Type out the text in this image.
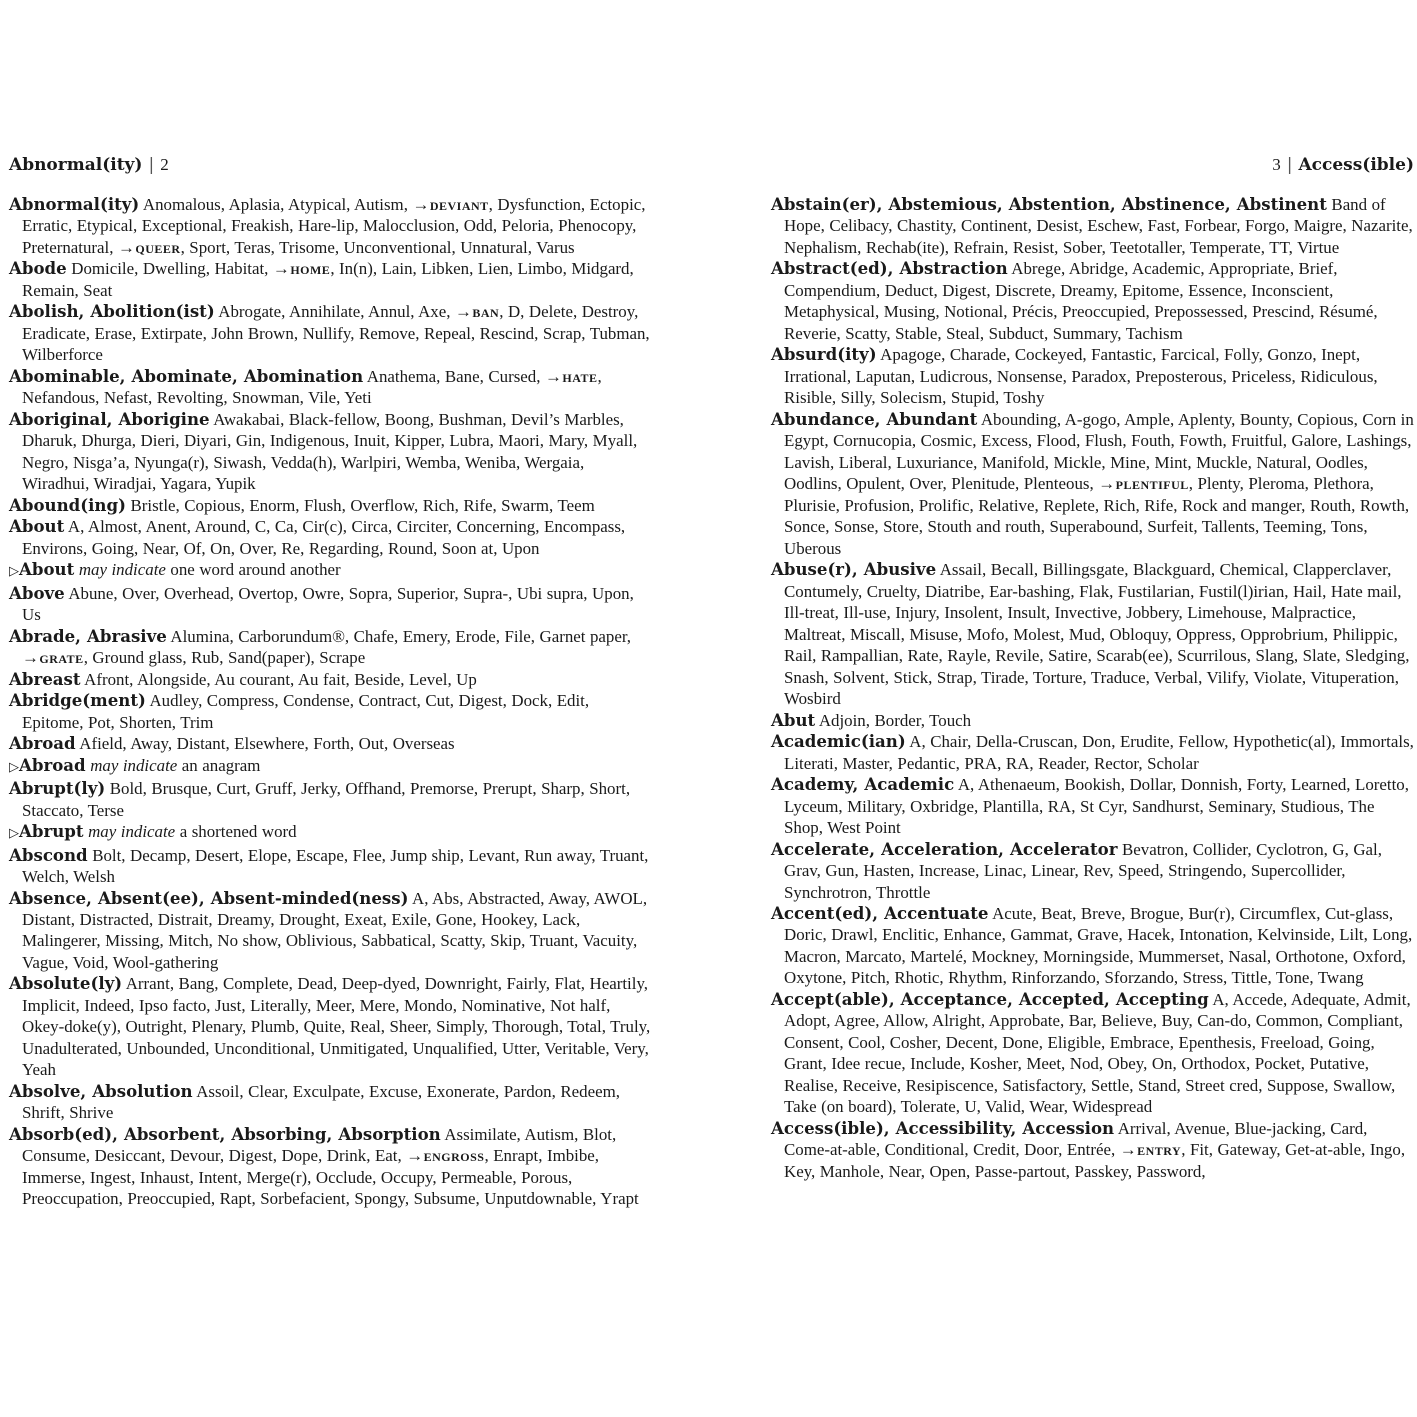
Abnormal(ity) | 2

Abnormal(ity) Anomalous, Aplasia, Atypical, Autism, →deviant, Dysfunction, Ectopic, Erratic, Etypical, Exceptional, Freakish, Hare-lip, Malocclusion, Odd, Peloria, Phenocopy, Preternatural, →queer, Sport, Teras, Trisome, Unconventional, Unnatural, Varus

Abode Domicile, Dwelling, Habitat, →home, In(n), Lain, Libken, Lien, Limbo, Midgard, Remain, Seat

Abolish, Abolition(ist) Abrogate, Annihilate, Annul, Axe, →ban, D, Delete, Destroy, Eradicate, Erase, Extirpate, John Brown, Nullify, Remove, Repeal, Rescind, Scrap, Tubman, Wilberforce

Abominable, Abominate, Abomination Anathema, Bane, Cursed, →hate, Nefandous, Nefast, Revolting, Snowman, Vile, Yeti

Aboriginal, Aborigine Awakabai, Black-fellow, Boong, Bushman, Devil’s Marbles, Dharuk, Dhurga, Dieri, Diyari, Gin, Indigenous, Inuit, Kipper, Lubra, Maori, Mary, Myall, Negro, Nisga’a, Nyunga(r), Siwash, Vedda(h), Warlpiri, Wemba, Weniba, Wergaia, Wiradhui, Wiradjai, Yagara, Yupik

Abound(ing) Bristle, Copious, Enorm, Flush, Overflow, Rich, Rife, Swarm, Teem

About A, Almost, Anent, Around, C, Ca, Cir(c), Circa, Circiter, Concerning, Encompass, Environs, Going, Near, Of, On, Over, Re, Regarding, Round, Soon at, Upon

▷About may indicate one word around another

Above Abune, Over, Overhead, Overtop, Owre, Sopra, Superior, Supra-, Ubi supra, Upon, Us

Abrade, Abrasive Alumina, Carborundum®, Chafe, Emery, Erode, File, Garnet paper, →grate, Ground glass, Rub, Sand(paper), Scrape

Abreast Afront, Alongside, Au courant, Au fait, Beside, Level, Up

Abridge(ment) Audley, Compress, Condense, Contract, Cut, Digest, Dock, Edit, Epitome, Pot, Shorten, Trim

Abroad Afield, Away, Distant, Elsewhere, Forth, Out, Overseas

▷Abroad may indicate an anagram

Abrupt(ly) Bold, Brusque, Curt, Gruff, Jerky, Offhand, Premorse, Prerupt, Sharp, Short, Staccato, Terse

▷Abrupt may indicate a shortened word

Abscond Bolt, Decamp, Desert, Elope, Escape, Flee, Jump ship, Levant, Run away, Truant, Welch, Welsh

Absence, Absent(ee), Absent-minded(ness) A, Abs, Abstracted, Away, AWOL, Distant, Distracted, Distrait, Dreamy, Drought, Exeat, Exile, Gone, Hookey, Lack, Malingerer, Missing, Mitch, No show, Oblivious, Sabbatical, Scatty, Skip, Truant, Vacuity, Vague, Void, Wool-gathering

Absolute(ly) Arrant, Bang, Complete, Dead, Deep-dyed, Downright, Fairly, Flat, Heartily, Implicit, Indeed, Ipso facto, Just, Literally, Meer, Mere, Mondo, Nominative, Not half, Okey-doke(y), Outright, Plenary, Plumb, Quite, Real, Sheer, Simply, Thorough, Total, Truly, Unadulterated, Unbounded, Unconditional, Unmitigated, Unqualified, Utter, Veritable, Very, Yeah

Absolve, Absolution Assoil, Clear, Exculpate, Excuse, Exonerate, Pardon, Redeem, Shrift, Shrive

Absorb(ed), Absorbent, Absorbing, Absorption Assimilate, Autism, Blot, Consume, Desiccant, Devour, Digest, Dope, Drink, Eat, →engross, Enrapt, Imbibe, Immerse, Ingest, Inhaust, Intent, Merge(r), Occlude, Occupy, Permeable, Porous, Preoccupation, Preoccupied, Rapt, Sorbefacient, Spongy, Subsume, Unputdownable, Yrapt

3 | Access(ible)

Abstain(er), Abstemious, Abstention, Abstinence, Abstinent Band of Hope, Celibacy, Chastity, Continent, Desist, Eschew, Fast, Forbear, Forgo, Maigre, Nazarite, Nephalism, Rechab(ite), Refrain, Resist, Sober, Teetotaller, Temperate, TT, Virtue

Abstract(ed), Abstraction Abrege, Abridge, Academic, Appropriate, Brief, Compendium, Deduct, Digest, Discrete, Dreamy, Epitome, Essence, Inconscient, Metaphysical, Musing, Notional, Précis, Preoccupied, Prepossessed, Prescind, Résumé, Reverie, Scatty, Stable, Steal, Subduct, Summary, Tachism

Absurd(ity) Apagoge, Charade, Cockeyed, Fantastic, Farcical, Folly, Gonzo, Inept, Irrational, Laputan, Ludicrous, Nonsense, Paradox, Preposterous, Priceless, Ridiculous, Risible, Silly, Solecism, Stupid, Toshy

Abundance, Abundant Abounding, A-gogo, Ample, Aplenty, Bounty, Copious, Corn in Egypt, Cornucopia, Cosmic, Excess, Flood, Flush, Fouth, Fowth, Fruitful, Galore, Lashings, Lavish, Liberal, Luxuriance, Manifold, Mickle, Mine, Mint, Muckle, Natural, Oodles, Oodlins, Opulent, Over, Plenitude, Plenteous, →plentiful, Plenty, Pleroma, Plethora, Plurisie, Profusion, Prolific, Relative, Replete, Rich, Rife, Rock and manger, Routh, Rowth, Sonce, Sonse, Store, Stouth and routh, Superabound, Surfeit, Tallents, Teeming, Tons, Uberous

Abuse(r), Abusive Assail, Becall, Billingsgate, Blackguard, Chemical, Clapperclaver, Contumely, Cruelty, Diatribe, Ear-bashing, Flak, Fustilarian, Fustil(l)irian, Hail, Hate mail, Ill-treat, Ill-use, Injury, Insolent, Insult, Invective, Jobbery, Limehouse, Malpractice, Maltreat, Miscall, Misuse, Mofo, Molest, Mud, Obloquy, Oppress, Opprobrium, Philippic, Rail, Rampallian, Rate, Rayle, Revile, Satire, Scarab(ee), Scurrilous, Slang, Slate, Sledging, Snash, Solvent, Stick, Strap, Tirade, Torture, Traduce, Verbal, Vilify, Violate, Vituperation, Wosbird

Abut Adjoin, Border, Touch

Academic(ian) A, Chair, Della-Cruscan, Don, Erudite, Fellow, Hypothetic(al), Immortals, Literati, Master, Pedantic, PRA, RA, Reader, Rector, Scholar

Academy, Academic A, Athenaeum, Bookish, Dollar, Donnish, Forty, Learned, Loretto, Lyceum, Military, Oxbridge, Plantilla, RA, St Cyr, Sandhurst, Seminary, Studious, The Shop, West Point

Accelerate, Acceleration, Accelerator Bevatron, Collider, Cyclotron, G, Gal, Grav, Gun, Hasten, Increase, Linac, Linear, Rev, Speed, Stringendo, Supercollider, Synchrotron, Throttle

Accent(ed), Accentuate Acute, Beat, Breve, Brogue, Bur(r), Circumflex, Cut-glass, Doric, Drawl, Enclitic, Enhance, Gammat, Grave, Hacek, Intonation, Kelvinside, Lilt, Long, Macron, Marcato, Martelé, Mockney, Morningside, Mummerset, Nasal, Orthotone, Oxford, Oxytone, Pitch, Rhotic, Rhythm, Rinforzando, Sforzando, Stress, Tittle, Tone, Twang

Accept(able), Acceptance, Accepted, Accepting A, Accede, Adequate, Admit, Adopt, Agree, Allow, Alright, Approbate, Bar, Believe, Buy, Can-do, Common, Compliant, Consent, Cool, Cosher, Decent, Done, Eligible, Embrace, Epenthesis, Freeload, Going, Grant, Idee recue, Include, Kosher, Meet, Nod, Obey, On, Orthodox, Pocket, Putative, Realise, Receive, Resipiscence, Satisfactory, Settle, Stand, Street cred, Suppose, Swallow, Take (on board), Tolerate, U, Valid, Wear, Widespread

Access(ible), Accessibility, Accession Arrival, Avenue, Blue-jacking, Card, Come-at-able, Conditional, Credit, Door, Entrée, →entry, Fit, Gateway, Get-at-able, Ingo, Key, Manhole, Near, Open, Passe-partout, Passkey, Password,
